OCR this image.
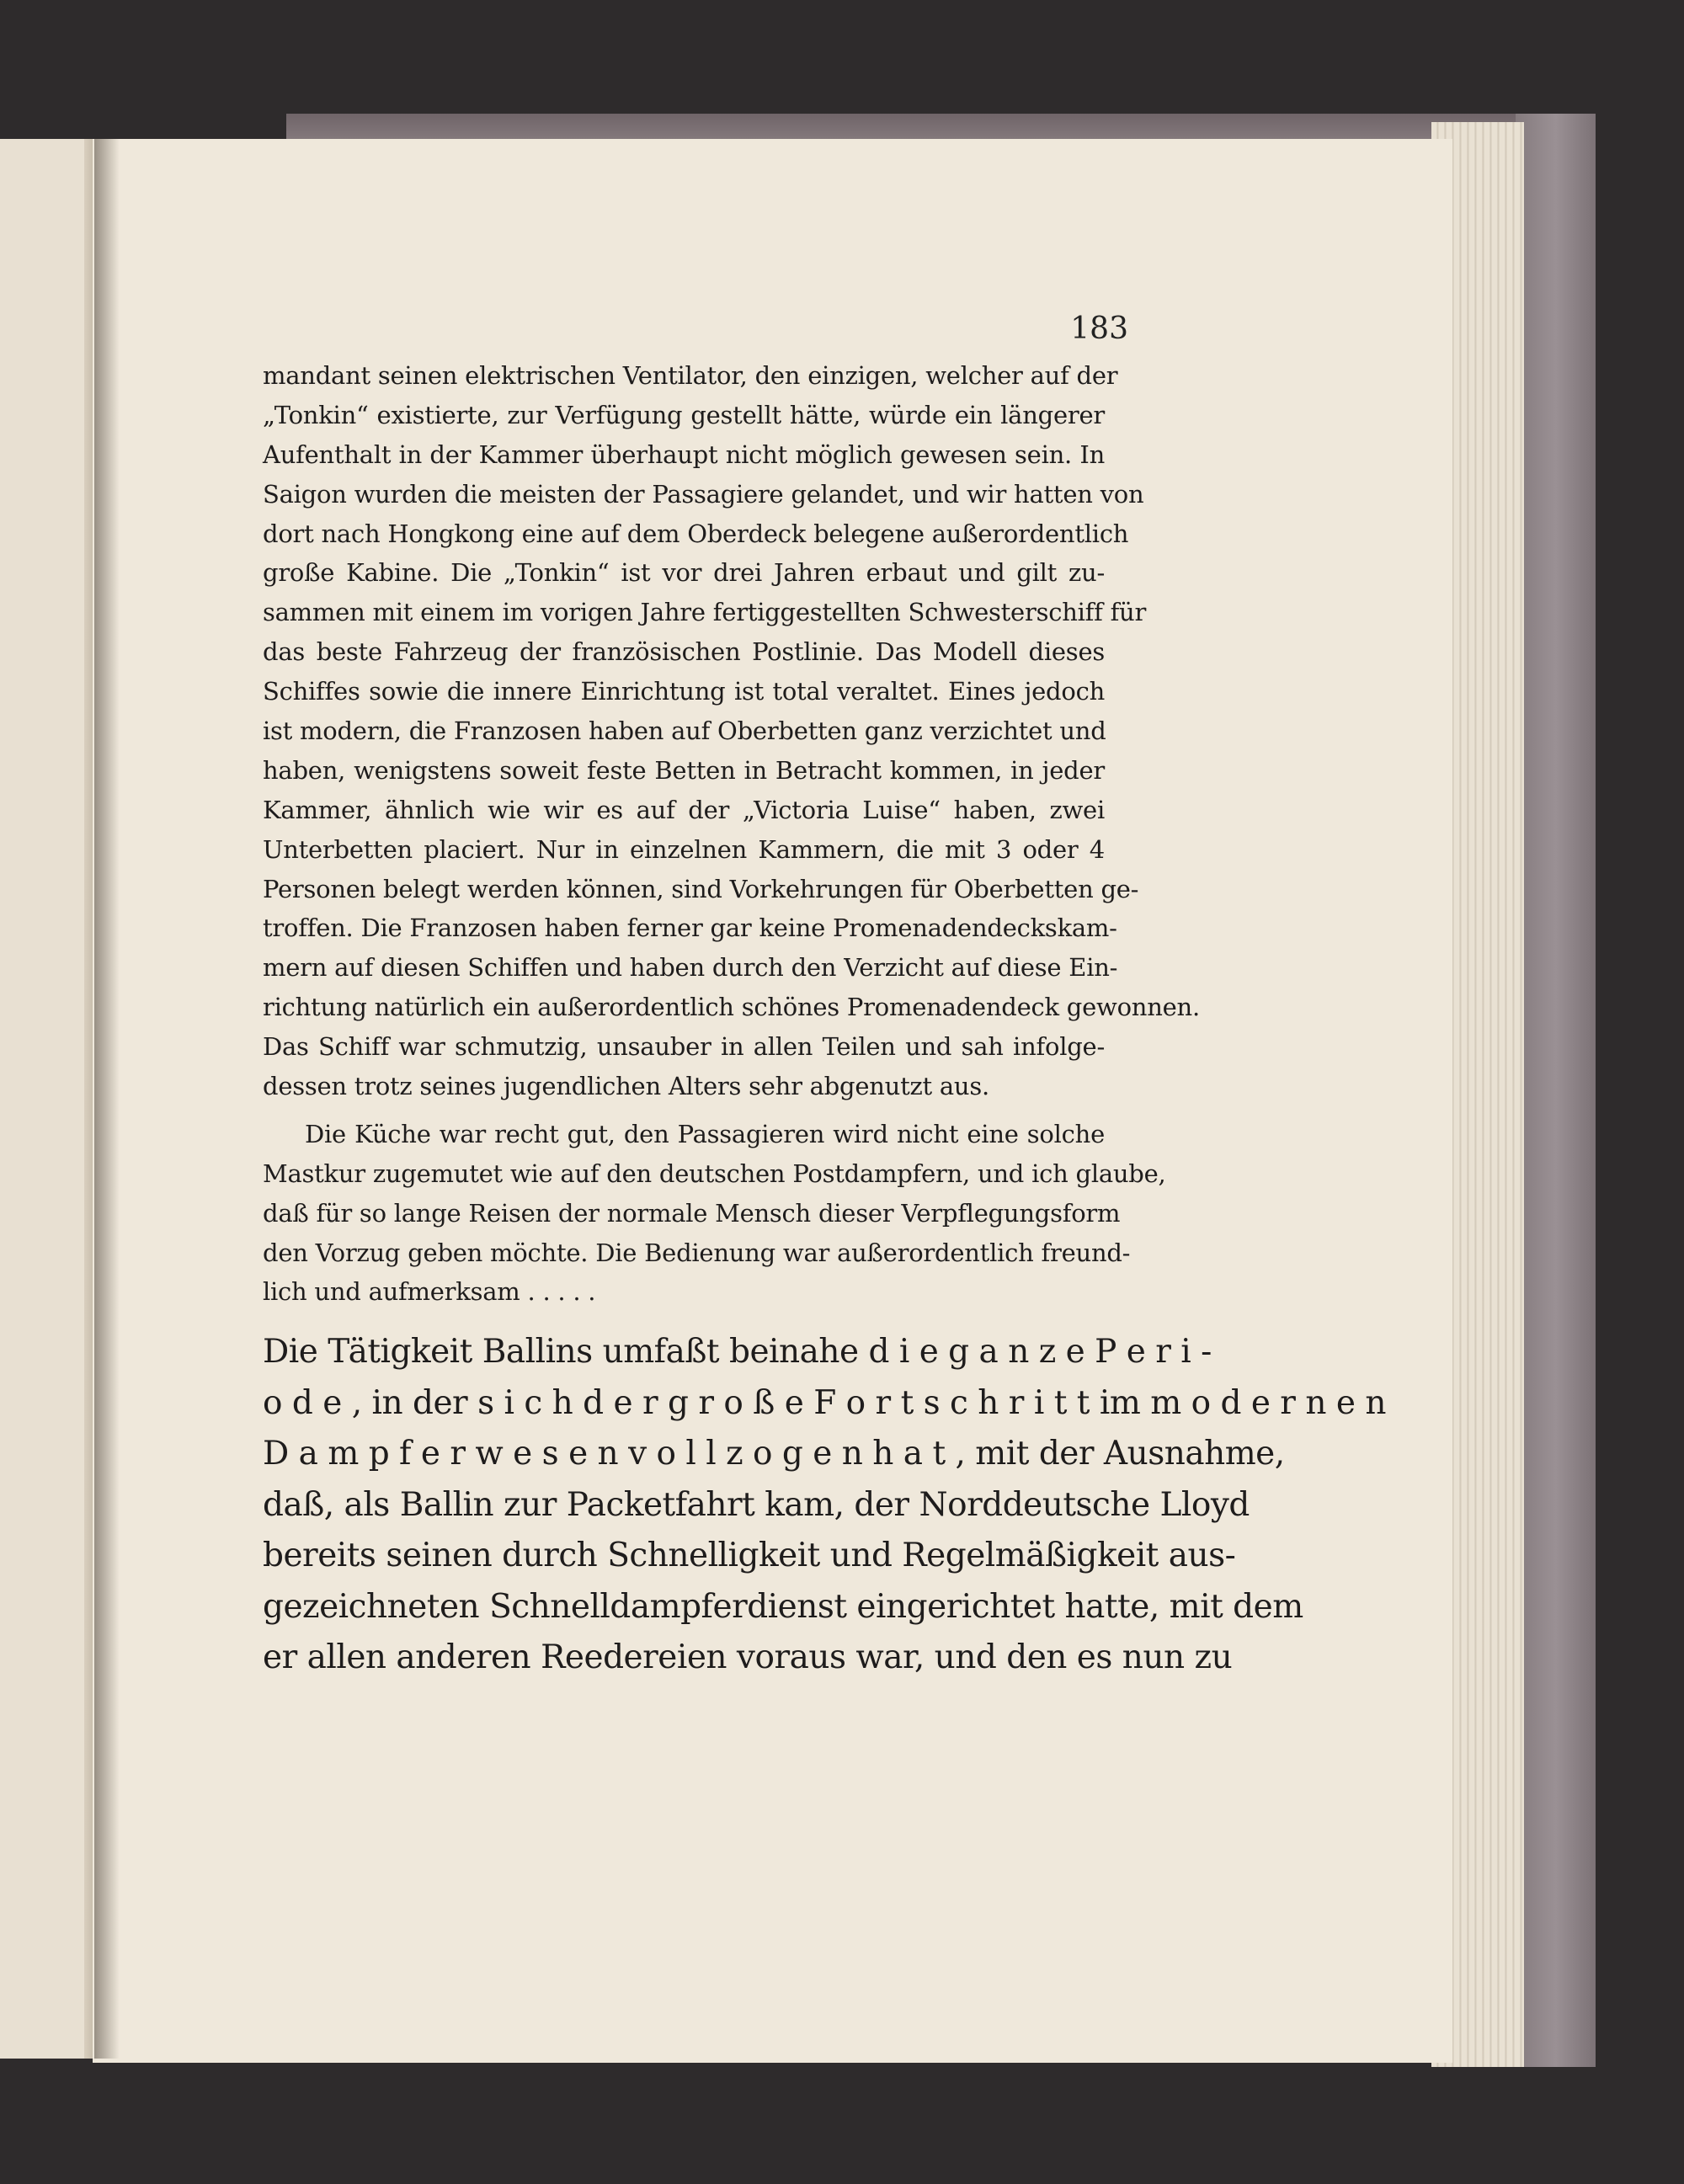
183
mandant seinen elektrischen Ventilator, den einzigen, welcher auf der
„Tonkin“ existierte, zur Verfügung gestellt hätte, würde ein längerer
Aufenthalt in der Kammer überhaupt nicht möglich gewesen sein. In
Saigon wurden die meisten der Passagiere gelandet, und wir hatten von
dort nach Hongkong eine auf dem Oberdeck belegene außerordentlich
große Kabine. Die „Tonkin“ ist vor drei Jahren erbaut und gilt zu-
sammen mit einem im vorigen Jahre fertiggestellten Schwesterschiff für
das beste Fahrzeug der französischen Postlinie. Das Modell dieses
Schiffes sowie die innere Einrichtung ist total veraltet. Eines jedoch
ist modern, die Franzosen haben auf Oberbetten ganz verzichtet und
haben, wenigstens soweit feste Betten in Betracht kommen, in jeder
Kammer, ähnlich wie wir es auf der „Victoria Luise“ haben, zwei
Unterbetten placiert. Nur in einzelnen Kammern, die mit 3 oder 4
Personen belegt werden können, sind Vorkehrungen für Oberbetten ge-
troffen. Die Franzosen haben ferner gar keine Promenadendeckskam-
mern auf diesen Schiffen und haben durch den Verzicht auf diese Ein-
richtung natürlich ein außerordentlich schönes Promenadendeck gewonnen.
Das Schiff war schmutzig, unsauber in allen Teilen und sah infolge-
dessen trotz seines jugendlichen Alters sehr abgenutzt aus.
Die Küche war recht gut, den Passagieren wird nicht eine solche
Mastkur zugemutet wie auf den deutschen Postdampfern, und ich glaube,
daß für so lange Reisen der normale Mensch dieser Verpflegungsform
den Vorzug geben möchte. Die Bedienung war außerordentlich freund-
lich und aufmerksam . . . . .
Die Tätigkeit Ballins umfaßt beinahe d i e g a n z e P e r i -
o d e , in der s i c h d e r g r o ß e F o r t s c h r i t t im m o d e r n e n
D a m p f e r w e s e n v o l l z o g e n h a t , mit der Ausnahme,
daß, als Ballin zur Packetfahrt kam, der Norddeutsche Lloyd
bereits seinen durch Schnelligkeit und Regelmäßigkeit aus-
gezeichneten Schnelldampferdienst eingerichtet hatte, mit dem
er allen anderen Reedereien voraus war, und den es nun zu
